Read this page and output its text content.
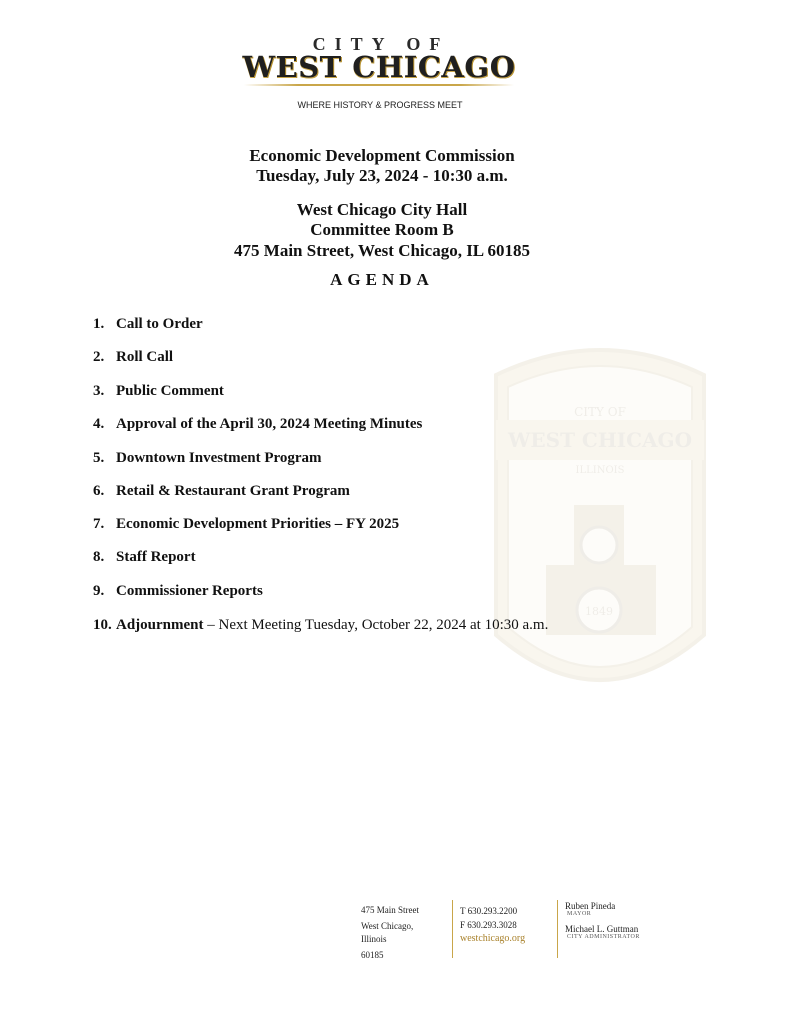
CITY OF
WEST CHICAGO
WHERE HISTORY & PROGRESS MEET
Economic Development Commission
Tuesday, July 23, 2024 - 10:30 a.m.
West Chicago City Hall
Committee Room B
475 Main Street, West Chicago, IL 60185
AGENDA
CITY OF
WEST CHICAGO
ILLINOIS
1849
1. Call to Order
2. Roll Call
3. Public Comment
4. Approval of the April 30, 2024 Meeting Minutes
5. Downtown Investment Program
6. Retail & Restaurant Grant Program
7. Economic Development Priorities – FY 2025
8. Staff Report
9. Commissioner Reports
10. Adjournment – Next Meeting Tuesday, October 22, 2024 at 10:30 a.m.
475 Main Street
West Chicago,
Illinois
60185
T 630.293.2200
F 630.293.3028
westchicago.org
Ruben Pineda
MAYOR
Michael L. Guttman
CITY ADMINISTRATOR
